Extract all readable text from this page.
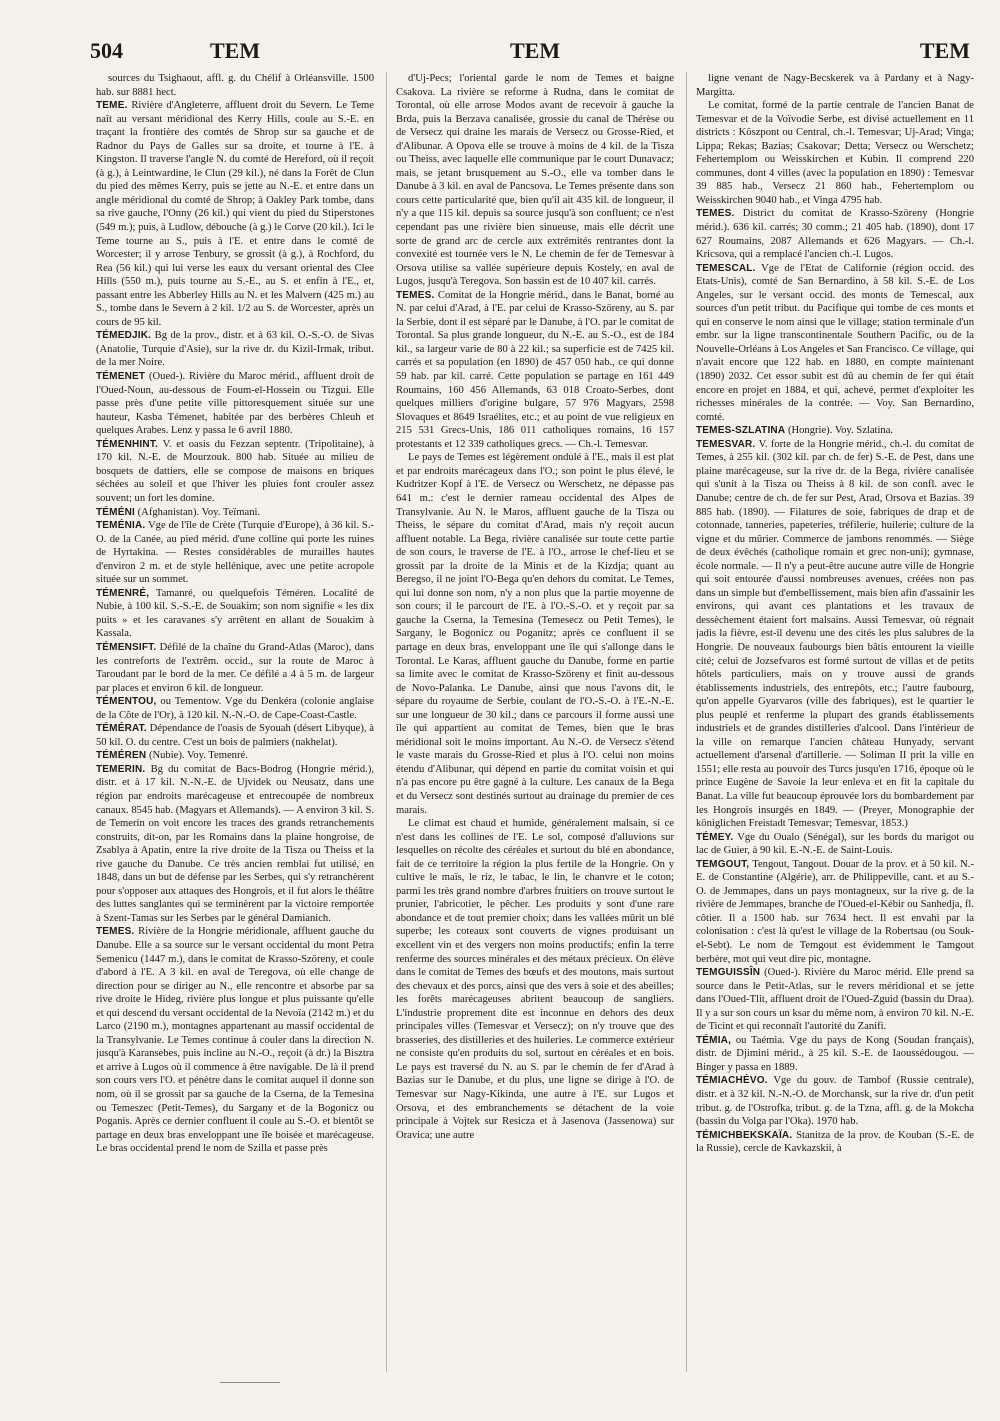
504	TEM	TEM	TEM

sources du Tsighaout, affl. g. du Chélif à Orléansville. 1500 hab. sur 8881 hect.

TEME. Rivière d'Angleterre, affluent droit du Severn. Le Teme naît au versant méridional des Kerry Hills, coule au S.-E. en traçant la frontière des comtés de Shrop sur sa gauche et de Radnor du Pays de Galles sur sa droite, et tourne à l'E. à Kingston. Il traverse l'angle N. du comté de Hereford, où il reçoit (à g.), à Leintwardine, le Clun (29 kil.), né dans la Forêt de Clun du pied des mêmes Kerry, puis se jette au N.-E. et entre dans un angle méridional du comté de Shrop; à Oakley Park tombe, dans sa rive gauche, l'Onny (26 kil.) qui vient du pied du Stiperstones (549 m.); puis, à Ludlow, débouche (à g.) le Corve (20 kil.). Ici le Teme tourne au S., puis à l'E. et entre dans le comté de Worcester; il y arrose Tenbury, se grossit (à g.), à Rochford, du Rea (56 kil.) qui lui verse les eaux du versant oriental des Clee Hills (550 m.), puis tourne au S.-E., au S. et enfin à l'E., et, passant entre les Abberley Hills au N. et les Malvern (425 m.) au S., tombe dans le Severn à 2 kil. 1/2 au S. de Worcester, après un cours de 95 kil.

TÉMEDJIK. Bg de la prov., distr. et à 63 kil. O.-S.-O. de Sivas (Anatolie, Turquie d'Asie), sur la rive dr. du Kizil-Irmak, tribut. de la mer Noire.

TÉMENET (Oued-). Rivière du Maroc mérid., affluent droit de l'Oued-Noun, au-dessous de Foum-el-Hossein ou Tizgui. Elle passe près d'une petite ville pittoresquement située sur une hauteur, Kasba Témenet, habitée par des berbères Chleuh et quelques Arabes. Lenz y passa le 6 avril 1880.

TÉMENHINT. V. et oasis du Fezzan septentr. (Tripolitaine), à 170 kil. N.-E. de Mourzouk. 800 hab. Située au milieu de bosquets de dattiers, elle se compose de maisons en briques séchées au soleil et que l'hiver les pluies font crouler assez souvent; un fort les domine.

TÉMÉNI (Afghanistan). Voy. Teïmani.

TEMÉNIA. Vge de l'île de Crète (Turquie d'Europe), à 36 kil. S.-O. de la Canée, au pied mérid. d'une colline qui porte les ruines de Hyrtakina. — Restes considérables de murailles hautes d'environ 2 m. et de style hellénique, avec une petite acropole située sur un sommet.

TÉMENRÉ, Tamanré, ou quelquefois Téméren. Localité de Nubie, à 100 kil. S.-S.-E. de Souakim; son nom signifie « les dix puits » et les caravanes s'y arrêtent en allant de Souakim à Kassala.

TÉMENSIFT. Défilé de la chaîne du Grand-Atlas (Maroc), dans les contreforts de l'extrêm. occid., sur la route de Maroc à Taroudant par le bord de la mer. Ce défilé a 4 à 5 m. de largeur par places et environ 6 kil. de longueur.

TÉMENTOU, ou Tementow. Vge du Denkéra (colonie anglaise de la Côte de l'Or), à 120 kil. N.-N.-O. de Cape-Coast-Castle.

TÉMÉRAT. Dépendance de l'oasis de Syouah (désert Libyque), à 50 kil. O. du centre. C'est un bois de palmiers (nakhelat).

TÉMÉREN (Nubie). Voy. Temenré.

TEMERIN. Bg du comitat de Bacs-Bodrog (Hongrie mérid.), distr. et à 17 kil. N.-N.-E. de Ujvidek ou Neusatz, dans une région par endroits marécageuse et entrecoupée de nombreux canaux. 8545 hab. (Magyars et Allemands). — A environ 3 kil. S. de Temerin on voit encore les traces des grands retranchements construits, dit-on, par les Romains dans la plaine hongroise, de Zsablya à Apatin, entre la rive droite de la Tisza ou Theiss et la rive gauche du Danube. Ce très ancien remblai fut utilisé, en 1848, dans un but de défense par les Serbes, qui s'y retranchèrent pour s'opposer aux attaques des Hongrois, et il fut alors le théâtre des luttes sanglantes qui se terminèrent par la victoire remportée à Szent-Tamas sur les Serbes par le général Damianich.

TEMES. Rivière de la Hongrie méridionale, affluent gauche du Danube. Elle a sa source sur le versant occidental du mont Petra Semenicu (1447 m.), dans le comitat de Krasso-Szöreny, et coule d'abord à l'E. A 3 kil. en aval de Teregova, où elle change de direction pour se diriger au N., elle rencontre et absorbe par sa rive droite le Hideg, rivière plus longue et plus puissante qu'elle et qui descend du versant occidental de la Nevoïa (2142 m.) et du Larco (2190 m.), montagnes appartenant au massif occidental de la Transylvanie. Le Temes continue à couler dans la direction N. jusqu'à Karansebes, puis incline au N.-O., reçoit (à dr.) la Bisztra et arrive à Lugos où il commence à être navigable. De là il prend son cours vers l'O. et pénètre dans le comitat auquel il donne son nom, où il se grossit par sa gauche de la Cserna, de la Temesina ou Temeszec (Petit-Temes), du Sargany et de la Bogonicz ou Poganis. Après ce dernier confluent il coule au S.-O. et bientôt se partage en deux bras enveloppant une île boisée et marécageuse. Le bras occidental prend le nom de Szilla et passe près

d'Uj-Pecs; l'oriental garde le nom de Temes et baigne Csakova. La rivière se reforme à Rudna, dans le comitat de Torontal, où elle arrose Modos avant de recevoir à gauche la Brda, puis la Berzava canalisée, grossie du canal de Thérèse ou de Versecz qui draine les marais de Versecz ou Grosse-Ried, et d'Alibunar. A Opova elle se trouve à moins de 4 kil. de la Tisza ou Theiss, avec laquelle elle communique par le court Dunavacz; mais, se jetant brusquement au S.-O., elle va tomber dans le Danube à 3 kil. en aval de Pancsova. Le Temes présente dans son cours cette particularité que, bien qu'il ait 435 kil. de longueur, il n'y a que 115 kil. depuis sa source jusqu'à son confluent; ce n'est cependant pas une rivière bien sinueuse, mais elle décrit une sorte de grand arc de cercle aux extrémités rentrantes dont la convexité est tournée vers le N. Le chemin de fer de Temesvar à Orsova utilise sa vallée supérieure depuis Kostely, en aval de Lugos, jusqu'à Teregova. Son bassin est de 10 407 kil. carrés.

TEMES. Comitat de la Hongrie mérid., dans le Banat, borné au N. par celui d'Arad, à l'E. par celui de Krasso-Szöreny, au S. par la Serbie, dont il est séparé par le Danube, à l'O. par le comitat de Torontal. Sa plus grande longueur, du N.-E. au S.-O., est de 184 kil., sa largeur varie de 80 à 22 kil.; sa superficie est de 7425 kil. carrés et sa population (en 1890) de 457 050 hab., ce qui donne 59 hab. par kil. carré. Cette population se partage en 161 449 Roumains, 160 456 Allemands, 63 018 Croato-Serbes, dont quelques milliers d'origine bulgare, 57 976 Magyars, 2598 Slovaques et 8649 Israélites, etc.; et au point de vue religieux en 215 531 Grecs-Unis, 186 011 catholiques romains, 16 157 protestants et 12 339 catholiques grecs. — Ch.-l. Temesvar.

Le pays de Temes est légèrement ondulé à l'E., mais il est plat et par endroits marécageux dans l'O.; son point le plus élevé, le Kudritzer Kopf à l'E. de Versecz ou Werschetz, ne dépasse pas 641 m.: c'est le dernier rameau occidental des Alpes de Transylvanie. Au N. le Maros, affluent gauche de la Tisza ou Theiss, le sépare du comitat d'Arad, mais n'y reçoit aucun affluent notable. La Bega, rivière canalisée sur toute cette partie de son cours, le traverse de l'E. à l'O., arrose le chef-lieu et se grossit par la droite de la Minis et de la Kizdja; quant au Beregso, il ne joint l'O-Bega qu'en dehors du comitat. Le Temes, qui lui donne son nom, n'y a non plus que la partie moyenne de son cours; il le parcourt de l'E. à l'O.-S.-O. et y reçoit par sa gauche la Cserna, la Temesina (Temesecz ou Petit Temes), le Sargany, le Bogonicz ou Poganitz; après ce confluent il se partage en deux bras, enveloppant une île qui s'allonge dans le Torontal. Le Karas, affluent gauche du Danube, forme en partie sa limite avec le comitat de Krasso-Szöreny et finit au-dessous de Novo-Palanka. Le Danube, ainsi que nous l'avons dit, le sépare du royaume de Serbie, coulant de l'O.-S.-O. à l'E.-N.-E. sur une longueur de 30 kil.; dans ce parcours il forme aussi une île qui appartient au comitat de Temes, bien que le bras méridional soit le moins important. Au N.-O. de Versecz s'étend le vaste marais du Grosse-Ried et plus à l'O. celui non moins étendu d'Alibunar, qui dépend en partie du comitat voisin et qui n'a pas encore pu être gagné à la culture. Les canaux de la Bega et du Versecz sont destinés surtout au drainage du premier de ces marais.

Le climat est chaud et humide, généralement malsain, si ce n'est dans les collines de l'E. Le sol, composé d'alluvions sur lesquelles on récolte des céréales et surtout du blé en abondance, fait de ce territoire la région la plus fertile de la Hongrie. On y cultive le maïs, le riz, le tabac, le lin, le chanvre et le coton; parmi les très grand nombre d'arbres fruitiers on trouve surtout le prunier, l'abricotier, le pêcher. Les produits y sont d'une rare abondance et de tout premier choix; dans les vallées mûrit un blé superbe; les coteaux sont couverts de vignes produisant un excellent vin et des vergers non moins productifs; enfin la terre renferme des sources minérales et des métaux précieux. On élève dans le comitat de Temes des bœufs et des moutons, mais surtout des chevaux et des porcs, ainsi que des vers à soie et des abeilles; les forêts marécageuses abritent beaucoup de sangliers. L'industrie proprement dite est inconnue en dehors des deux principales villes (Temesvar et Versecz); on n'y trouve que des brasseries, des distilleries et des huileries. Le commerce extérieur ne consiste qu'en produits du sol, surtout en céréales et en bois. Le pays est traversé du N. au S. par le chemin de fer d'Arad à Bazias sur le Danube, et du plus, une ligne se dirige à l'O. de Temesvar sur Nagy-Kikinda, une autre à l'E. sur Lugos et Orsova, et des embranchements se détachent de la voie principale à Vojtek sur Resicza et à Jasenova (Jassenowa) sur Oravica; une autre

ligne venant de Nagy-Becskerek va à Pardany et à Nagy-Margitta.

Le comitat, formé de la partie centrale de l'ancien Banat de Temesvar et de la Voïvodie Serbe, est divisé actuellement en 11 districts : Köszpont ou Central, ch.-l. Temesvar; Uj-Arad; Vinga; Lippa; Rekas; Bazias; Csakovar; Detta; Versecz ou Werschetz; Fehertemplom ou Weisskirchen et Kubin. Il comprend 220 communes, dont 4 villes (avec la population en 1890) : Temesvar 39 885 hab., Versecz 21 860 hab., Fehertemplom ou Weisskirchen 9040 hab., et Vinga 4795 hab.

TEMES. District du comitat de Krasso-Szöreny (Hongrie mérid.). 636 kil. carrés; 30 comm.; 21 405 hab. (1890), dont 17 627 Roumains, 2087 Allemands et 626 Magyars. — Ch.-l. Kricsova, qui a remplacé l'ancien ch.-l. Lugos.

TEMESCAL. Vge de l'Etat de Californie (région occid. des Etats-Unis), comté de San Bernardino, à 58 kil. S.-E. de Los Angeles, sur le versant occid. des monts de Temescal, aux sources d'un petit tribut. du Pacifique qui tombe de ces monts et qui en conserve le nom ainsi que le village; station terminale d'un embr. sur la ligne transcontinentale Southern Pacific, ou de la Nouvelle-Orléans à Los Angeles et San Francisco. Ce village, qui n'avait encore que 122 hab. en 1880, en compte maintenant (1890) 2032. Cet essor subit est dû au chemin de fer qui était encore en projet en 1884, et qui, achevé, permet d'exploiter les richesses minérales de la contrée. — Voy. San Bernardino, comté.

TEMES-SZLATINA (Hongrie). Voy. Szlatina.

TEMESVAR. V. forte de la Hongrie mérid., ch.-l. du comitat de Temes, à 255 kil. (302 kil. par ch. de fer) S.-E. de Pest, dans une plaine marécageuse, sur la rive dr. de la Bega, rivière canalisée qui s'unit à la Tisza ou Theiss à 8 kil. de son confl. avec le Danube; centre de ch. de fer sur Pest, Arad, Orsova et Bazias. 39 885 hab. (1890). — Filatures de soie, fabriques de drap et de cotonnade, tanneries, papeteries, tréfilerie, huilerie; culture de la vigne et du mûrier. Commerce de jambons renommés. — Siège de deux évêchés (catholique romain et grec non-uni); gymnase, école normale. — Il n'y a peut-être aucune autre ville de Hongrie qui soit entourée d'aussi nombreuses avenues, créées non pas dans un simple but d'embellissement, mais bien afin d'assainir les environs, qui avant ces plantations et les travaux de dessèchement étaient fort malsains. Aussi Temesvar, où régnait jadis la fièvre, est-il devenu une des cités les plus salubres de la Hongrie. De nouveaux faubourgs bien bâtis entourent la vieille cité; celui de Jozsefvaros est formé surtout de villas et de petits hôtels particuliers, mais on y trouve aussi de grands établissements industriels, des entrepôts, etc.; l'autre faubourg, qu'on appelle Gyarvaros (ville des fabriques), est le quartier le plus peuplé et renferme la plupart des grands établissements industriels et de grandes distilleries d'alcool. Dans l'intérieur de la ville on remarque l'ancien château Hunyady, servant actuellement d'arsenal d'artillerie. — Soliman II prit la ville en 1551; elle resta au pouvoir des Turcs jusqu'en 1716, époque où le prince Eugène de Savoie la leur enleva et en fit la capitale du Banat. La ville fut beaucoup éprouvée lors du bombardement par les Hongrois insurgés en 1849. — (Preyer, Monographie der königlichen Freistadt Temesvar; Temesvar, 1853.)

TÉMEY. Vge du Oualo (Sénégal), sur les bords du marigot ou lac de Guier, à 90 kil. E.-N.-E. de Saint-Louis.

TEMGOUT, Tengout, Tangout. Douar de la prov. et à 50 kil. N.-E. de Constantine (Algérie), arr. de Philippeville, cant. et au S.-O. de Jemmapes, dans un pays montagneux, sur la rive g. de la rivière de Jemmapes, branche de l'Oued-el-Kébir ou Sanhedja, fl. côtier. Il a 1500 hab. sur 7634 hect. Il est envahi par la colonisation : c'est là qu'est le village de la Robertsau (ou Souk-el-Sebt). Le nom de Temgout est évidemment le Tamgout berbère, mot qui veut dire pic, montagne.

TEMGUISSÎN (Oued-). Rivière du Maroc mérid. Elle prend sa source dans le Petit-Atlas, sur le revers méridional et se jette dans l'Oued-Tlit, affluent droit de l'Oued-Zguid (bassin du Draa). Il y a sur son cours un ksar du même nom, à environ 70 kil. N.-E. de Ticint et qui reconnaît l'autorité du Zanifi.

TÉMIA, ou Taémia. Vge du pays de Kong (Soudan français), distr. de Djimini mérid., à 25 kil. S.-E. de Iaoussédougou. — Binger y passa en 1889.

TÉMIACHÉVO. Vge du gouv. de Tambof (Russie centrale), distr. et à 32 kil. N.-N.-O. de Morchansk, sur la rive dr. d'un petit tribut. g. de l'Ostrofka, tribut. g. de la Tzna, affl. g. de la Mokcha (bassin du Volga par l'Oka). 1970 hab.

TÉMICHBEKSKAÏA. Stanitza de la prov. de Kouban (S.-E. de la Russie), cercle de Kavkazskii, à
